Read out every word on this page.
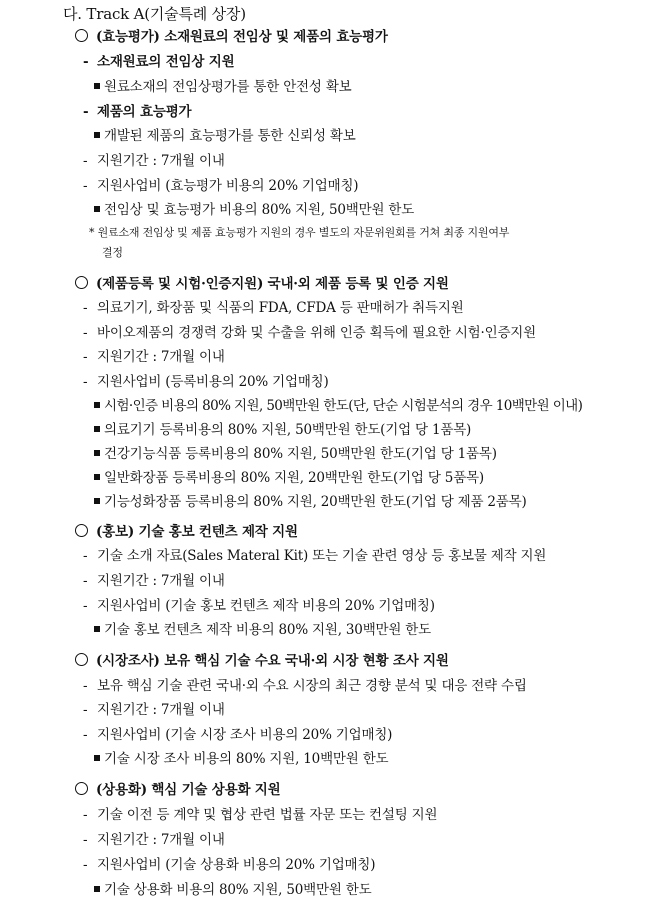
다. Track A(기술특례 상장)
(효능평가) 소재원료의 전임상 및 제품의 효능평가
- 소재원료의 전임상 지원
원료소재의 전임상평가를 통한 안전성 확보
- 제품의 효능평가
개발된 제품의 효능평가를 통한 신뢰성 확보
- 지원기간 : 7개월 이내
- 지원사업비 (효능평가 비용의 20% 기업매칭)
전임상 및 효능평가 비용의 80% 지원, 50백만원 한도
* 원료소재 전임상 및 제품 효능평가 지원의 경우 별도의 자문위원회를 거쳐 최종 지원여부
결정
(제품등록 및 시험·인증지원) 국내·외 제품 등록 및 인증 지원
- 의료기기, 화장품 및 식품의 FDA, CFDA 등 판매허가 취득지원
- 바이오제품의 경쟁력 강화 및 수출을 위해 인증 획득에 필요한 시험·인증지원
- 지원기간 : 7개월 이내
- 지원사업비 (등록비용의 20% 기업매칭)
시험·인증 비용의 80% 지원, 50백만원 한도(단, 단순 시험분석의 경우 10백만원 이내)
의료기기 등록비용의 80% 지원, 50백만원 한도(기업 당 1품목)
건강기능식품 등록비용의 80% 지원, 50백만원 한도(기업 당 1품목)
일반화장품 등록비용의 80% 지원, 20백만원 한도(기업 당 5품목)
기능성화장품 등록비용의 80% 지원, 20백만원 한도(기업 당 제품 2품목)
(홍보) 기술 홍보 컨텐츠 제작 지원
- 기술 소개 자료(Sales Materal Kit) 또는 기술 관련 영상 등 홍보물 제작 지원
- 지원기간 : 7개월 이내
- 지원사업비 (기술 홍보 컨텐츠 제작 비용의 20% 기업매칭)
기술 홍보 컨텐츠 제작 비용의 80% 지원, 30백만원 한도
(시장조사) 보유 핵심 기술 수요 국내·외 시장 현황 조사 지원
- 보유 핵심 기술 관련 국내·외 수요 시장의 최근 경향 분석 및 대응 전략 수립
- 지원기간 : 7개월 이내
- 지원사업비 (기술 시장 조사 비용의 20% 기업매칭)
기술 시장 조사 비용의 80% 지원, 10백만원 한도
(상용화) 핵심 기술 상용화 지원
- 기술 이전 등 계약 및 협상 관련 법률 자문 또는 컨설팅 지원
- 지원기간 : 7개월 이내
- 지원사업비 (기술 상용화 비용의 20% 기업매칭)
기술 상용화 비용의 80% 지원, 50백만원 한도
